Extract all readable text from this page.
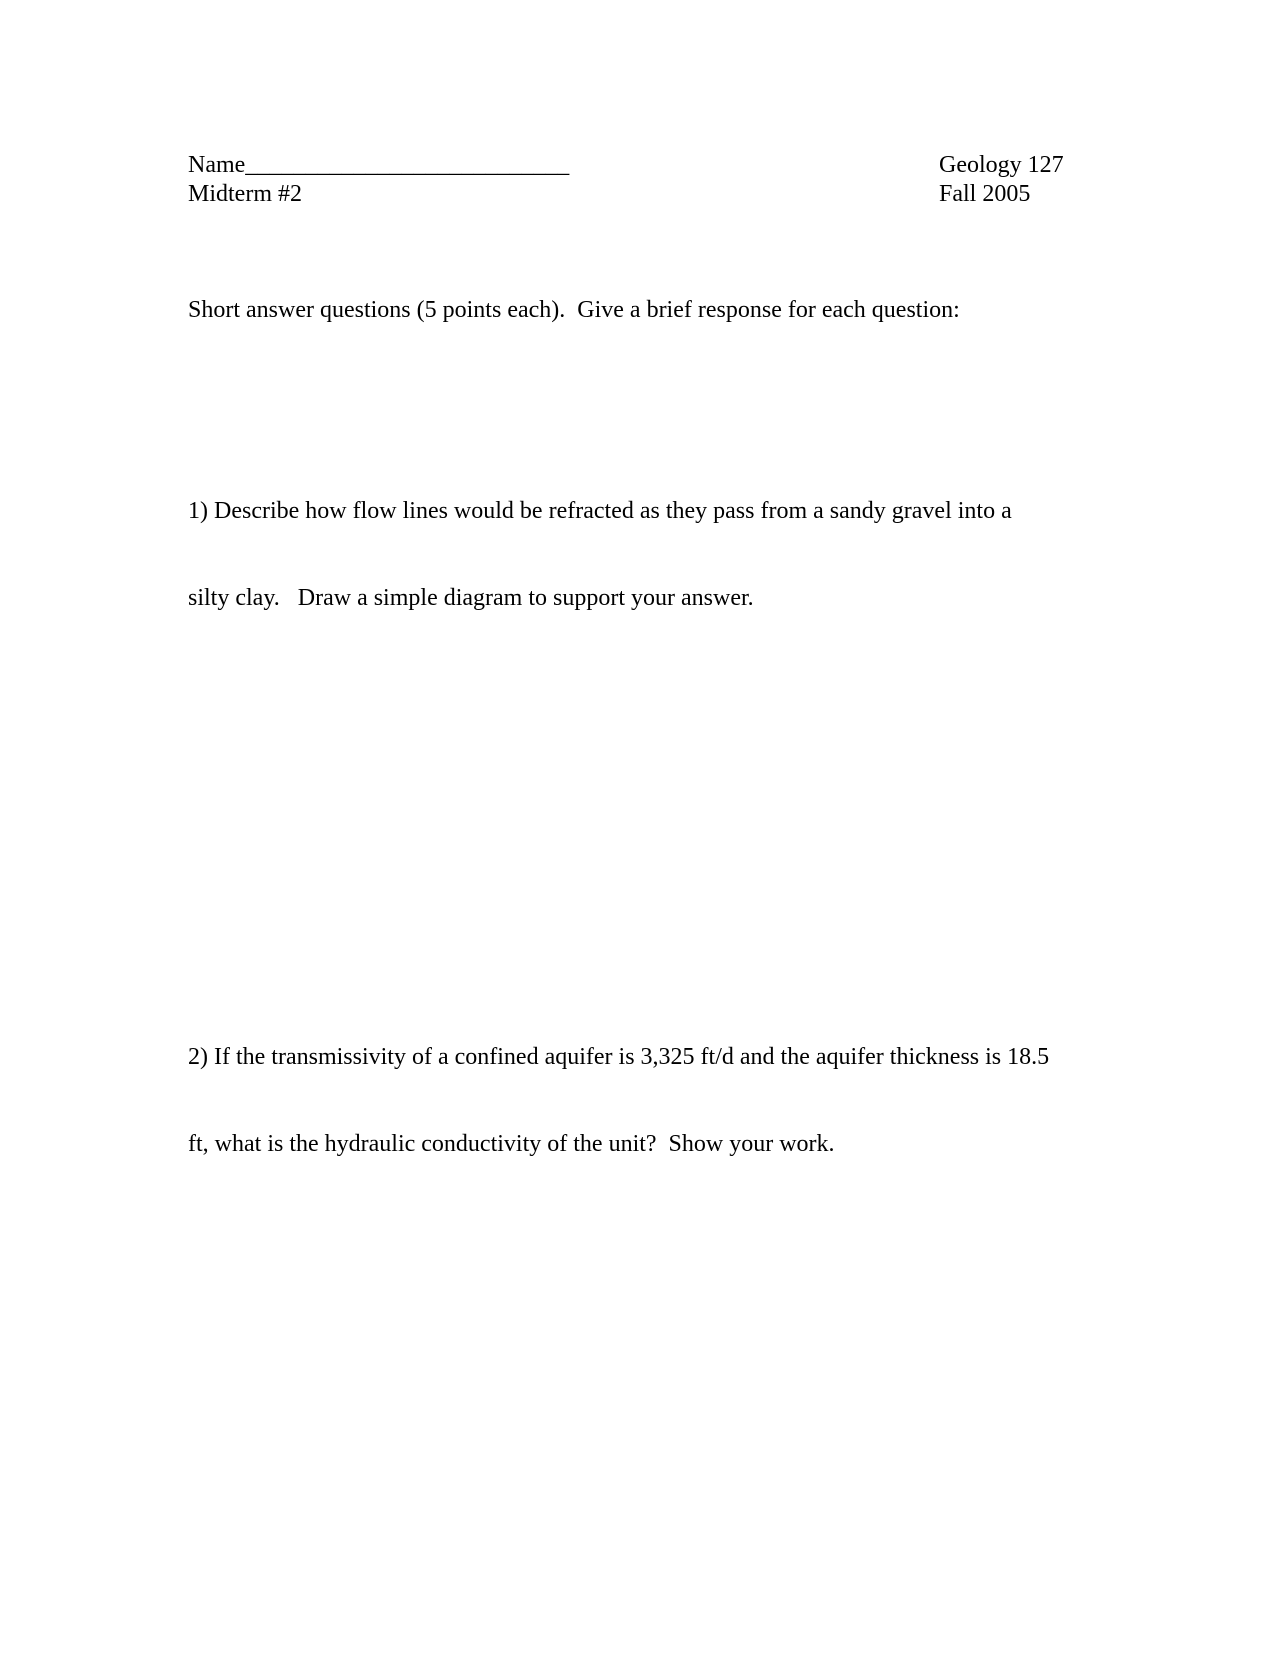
Name___________________________
Midterm #2
Geology 127
Fall 2005
Short answer questions (5 points each).  Give a brief response for each question:

1) Describe how flow lines would be refracted as they pass from a sandy gravel into a

silty clay.   Draw a simple diagram to support your answer.

2) If the transmissivity of a confined aquifer is 3,325 ft/d and the aquifer thickness is 18.5

ft, what is the hydraulic conductivity of the unit?  Show your work.
